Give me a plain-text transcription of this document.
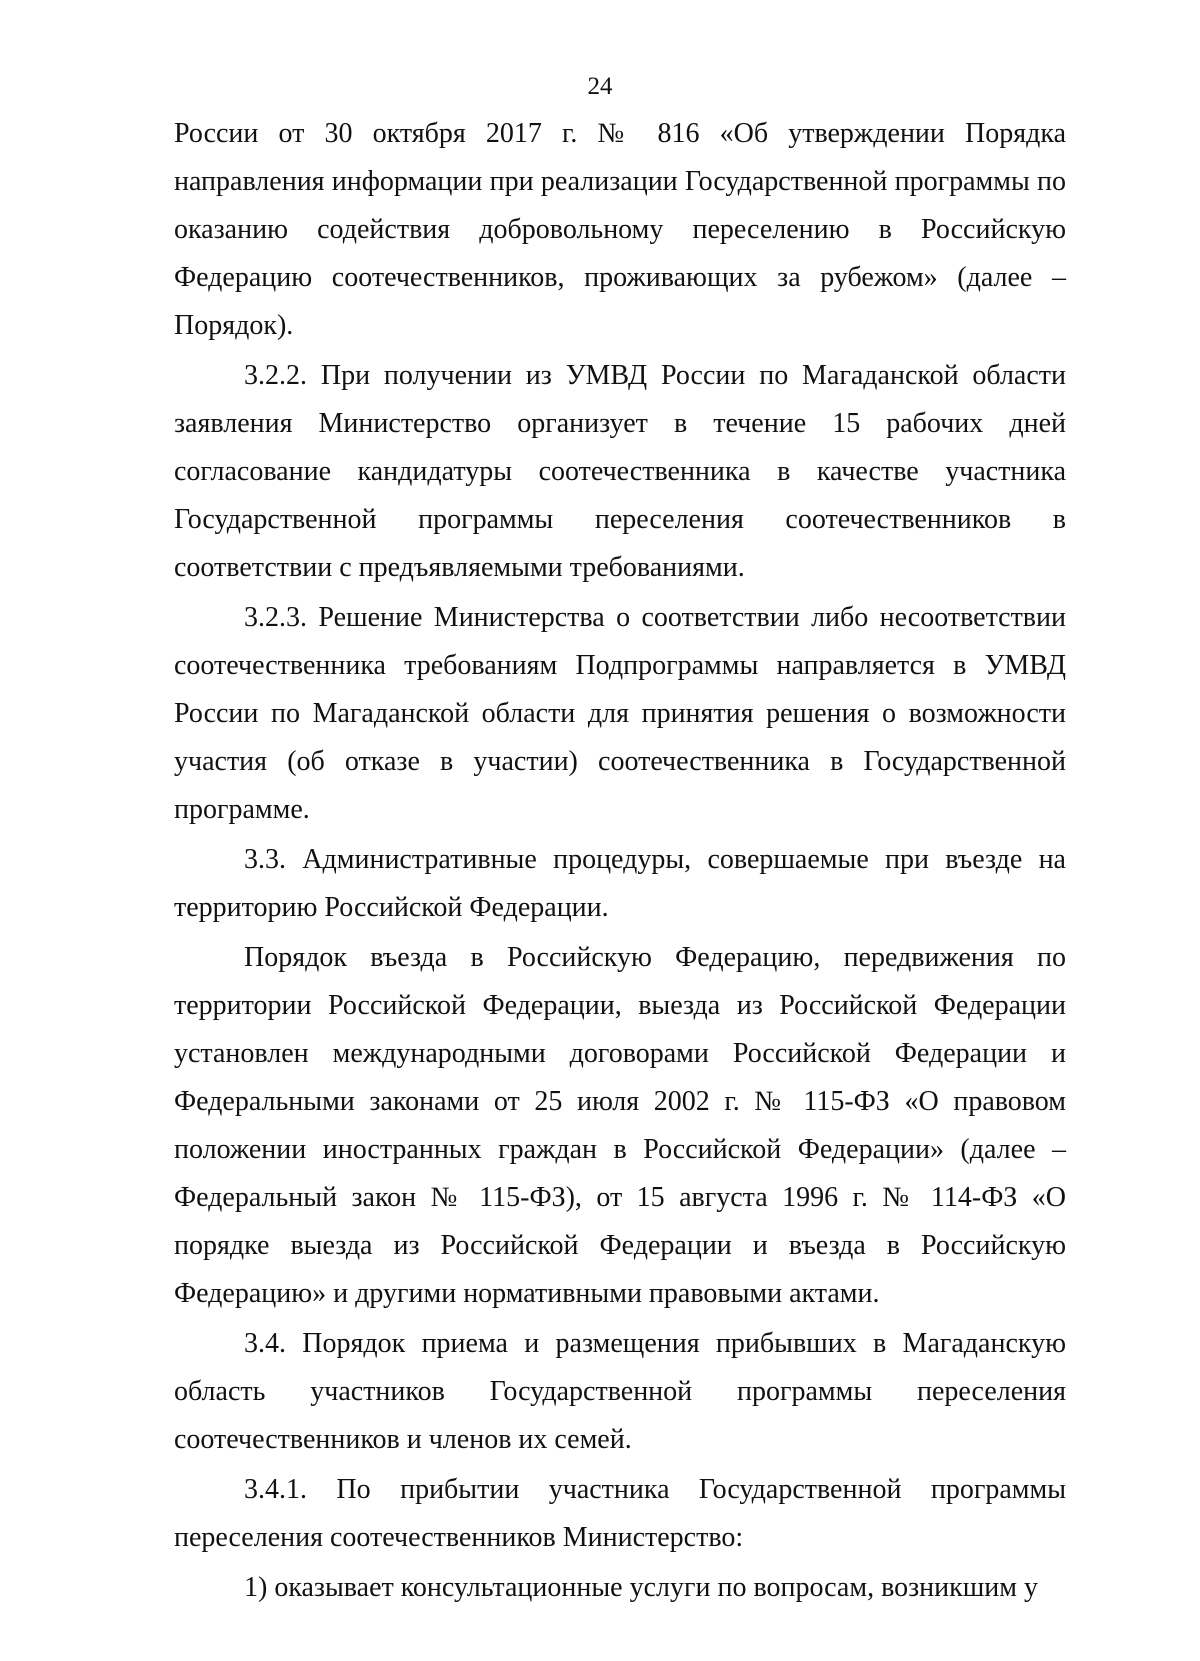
24

России от 30 октября 2017 г. № 816 «Об утверждении Порядка направления информации при реализации Государственной программы по оказанию содействия добровольному переселению в Российскую Федерацию соотечественников, проживающих за рубежом» (далее – Порядок).

3.2.2. При получении из УМВД России по Магаданской области заявления Министерство организует в течение 15 рабочих дней согласование кандидатуры соотечественника в качестве участника Государственной программы переселения соотечественников в соответствии с предъявляемыми требованиями.

3.2.3. Решение Министерства о соответствии либо несоответствии соотечественника требованиям Подпрограммы направляется в УМВД России по Магаданской области для принятия решения о возможности участия (об отказе в участии) соотечественника в Государственной программе.

3.3. Административные процедуры, совершаемые при въезде на территорию Российской Федерации.

Порядок въезда в Российскую Федерацию, передвижения по территории Российской Федерации, выезда из Российской Федерации установлен международными договорами Российской Федерации и Федеральными законами от 25 июля 2002 г. № 115-ФЗ «О правовом положении иностранных граждан в Российской Федерации» (далее – Федеральный закон № 115-ФЗ), от 15 августа 1996 г. № 114-ФЗ «О порядке выезда из Российской Федерации и въезда в Российскую Федерацию» и другими нормативными правовыми актами.

3.4. Порядок приема и размещения прибывших в Магаданскую область участников Государственной программы переселения соотечественников и членов их семей.

3.4.1. По прибытии участника Государственной программы переселения соотечественников Министерство:

1) оказывает консультационные услуги по вопросам, возникшим у
